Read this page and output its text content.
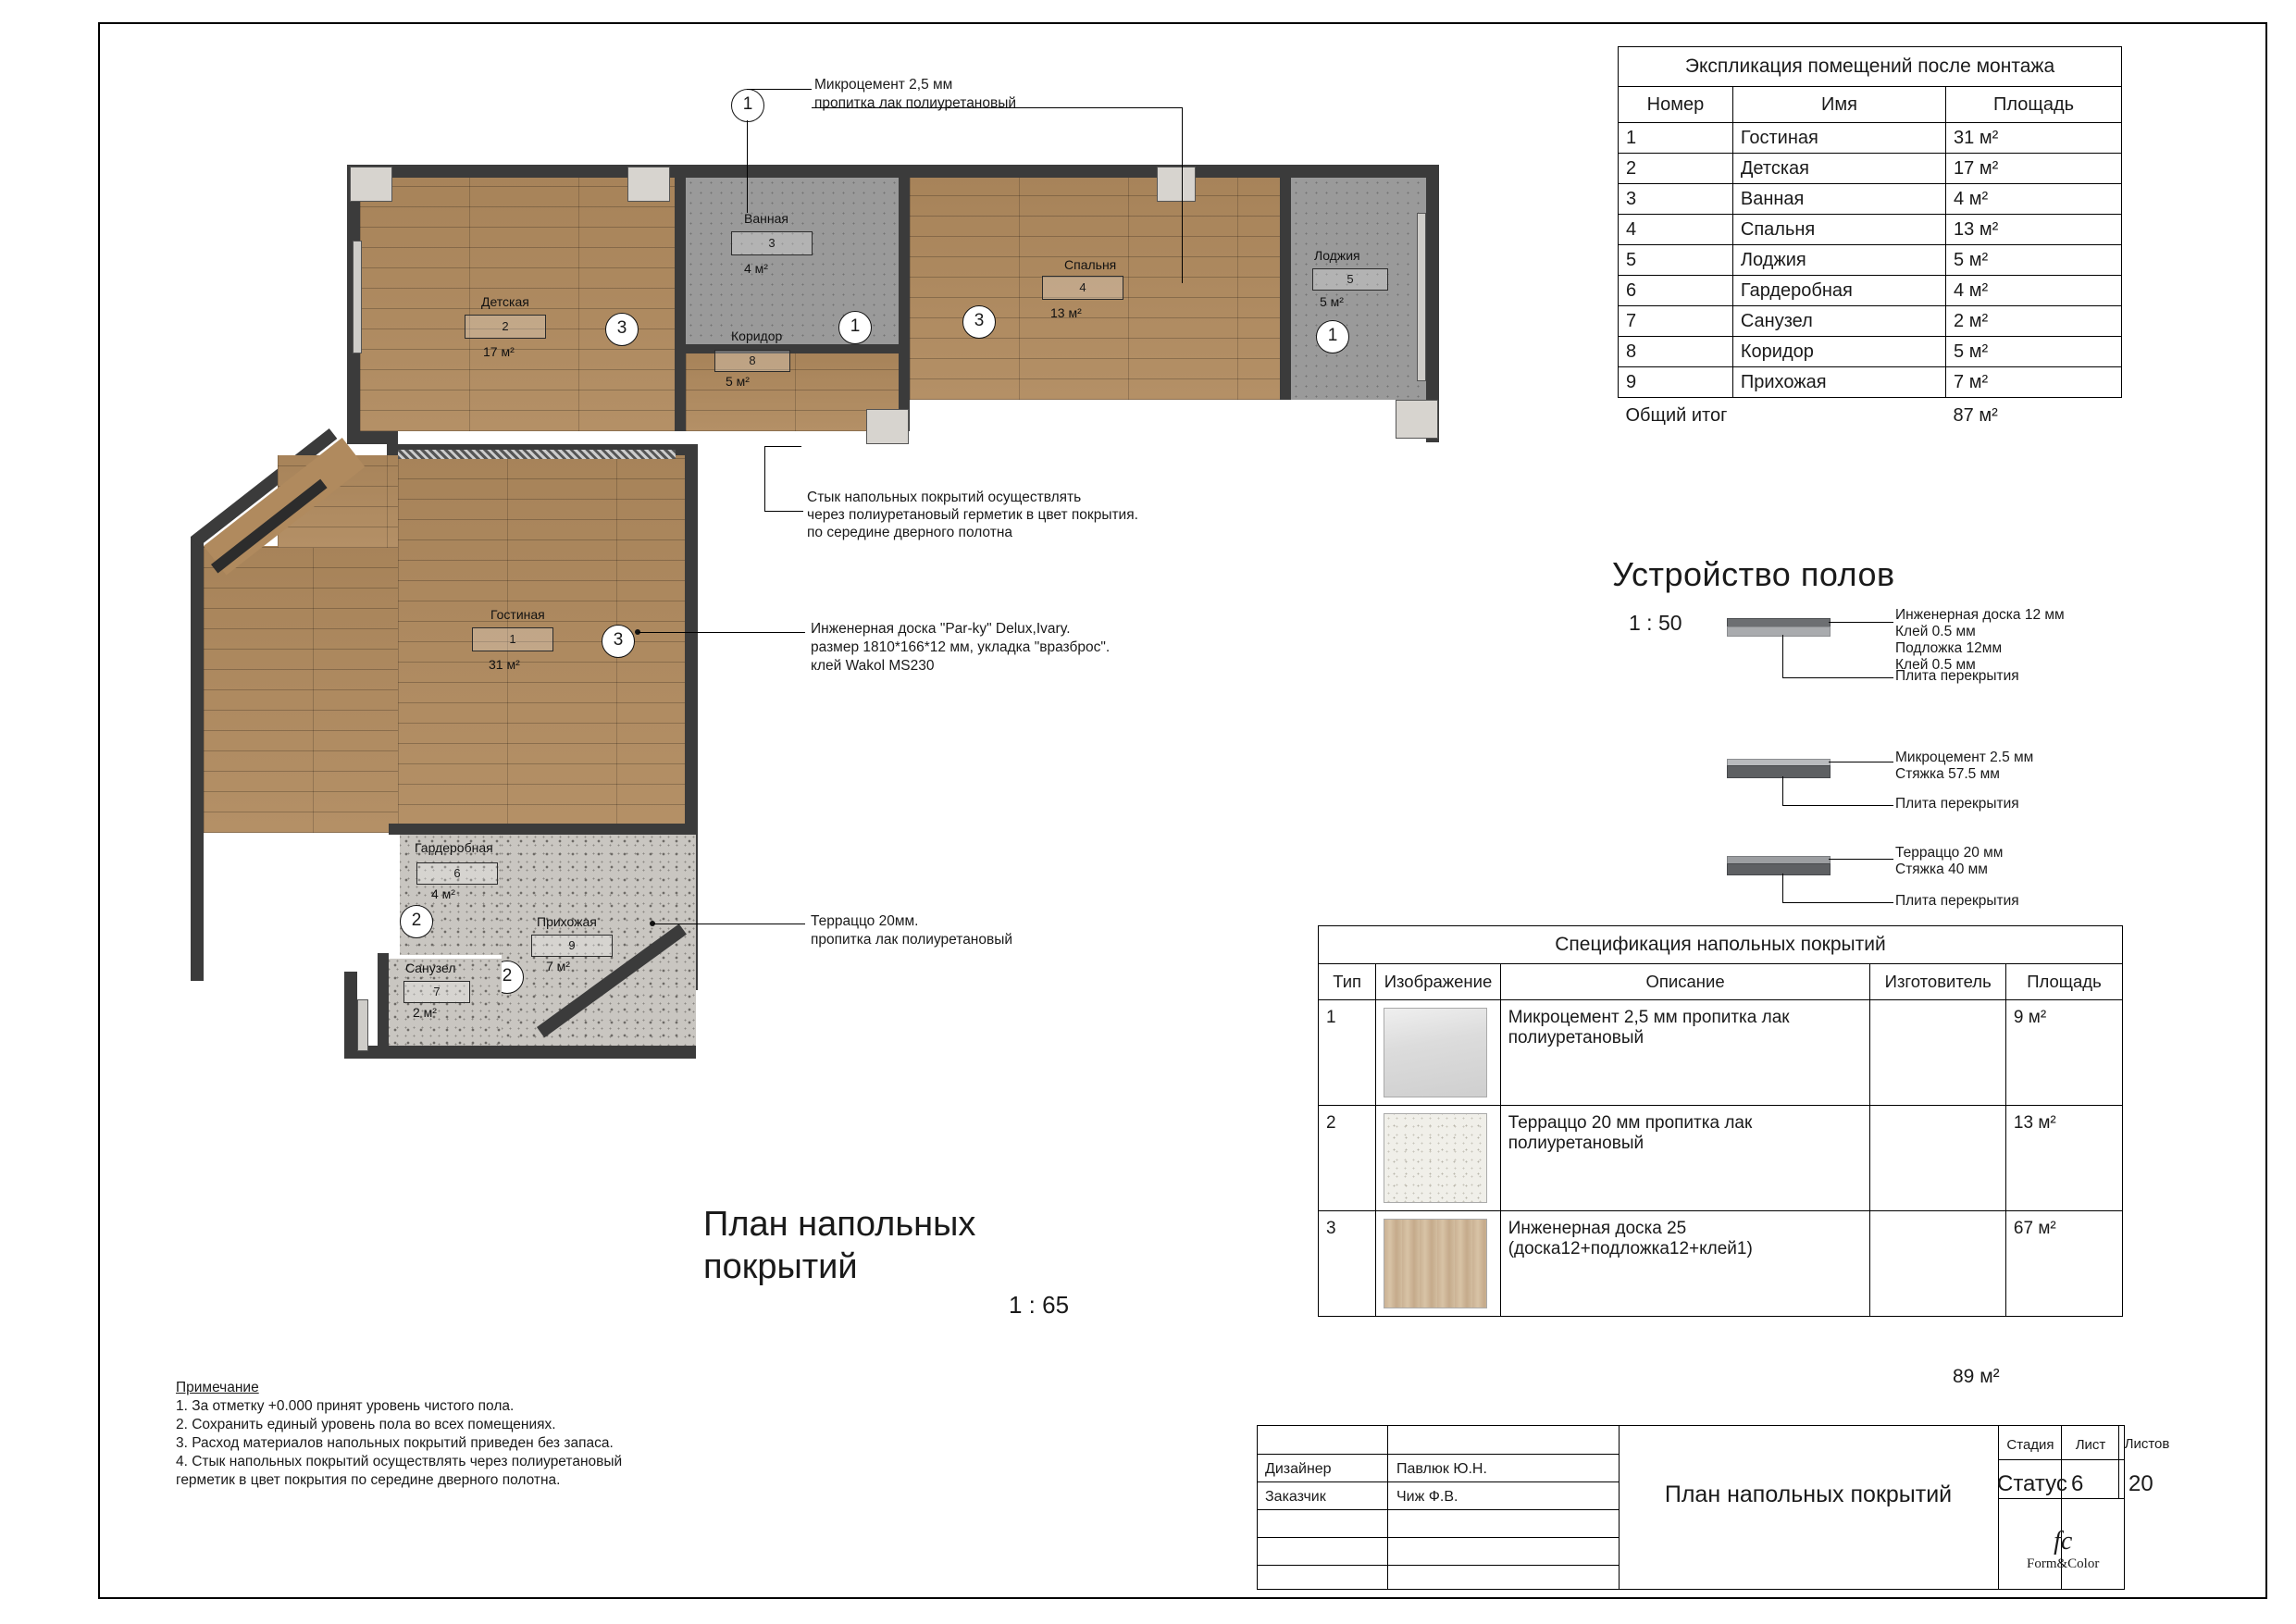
Экспликация помещений после монтажа		
Номер	Имя	Площадь
1	Гостиная	31 м²
2	Детская	17 м²
3	Ванная	4 м²
4	Спальня	13 м²
5	Лоджия	5 м²
6	Гардеробная	4 м²
7	Санузел	2 м²
8	Коридор	5 м²
9	Прихожая	7 м²
Общий итог		87 м²
Устройство полов
1 : 50	Инженерная доска 12 мм
Клей 0.5 мм
Подложка 12мм
Клей 0.5 мм
Плита перекрытия
Микроцемент 2.5 мм
Стяжка 57.5 мм
Плита перекрытия
Терраццо 20 мм
Стяжка 40 мм
Плита перекрытия
Спецификация напольных покрытий				
Тип	Изображение	Описание	Изготовитель	Площадь
1		Микроцемент 2,5 мм пропитка лак полиуретановый		9 м²
2		Терраццо 20 мм пропитка лак полиуретановый		13 м²
3		Инженерная доска 25 (доска12+подложка12+клей1)		67 м²
89 м²
Детская
2
17 м²
3
Ванная
3
4 м²
1
Коридор
8
5 м²
Спальня
4
13 м²
3
Лоджия
5
5 м²
1
Гостиная
1
31 м²
3
Гардеробная
6
4 м²
2	Прихожая
9
7 м²
2
Санузел
7
2 м²
1
Микроцемент 2,5 мм
пропитка лак полиуретановый
Стык напольных покрытий осуществлять
через полиуретановый герметик в цвет покрытия.
по середине дверного полотна
Инженерная доска "Par-ky" Delux,Ivary.
размер 1810*166*12 мм, укладка "вразброс".
клей Wakol MS230
Терраццо 20мм.
пропитка лак полиуретановый
План напольных
покрытий
1 : 65
Примечание
1. За отметку +0.000 принят уровень чистого пола.
2. Сохранить единый уровень пола во всех помещениях.
3. Расход материалов напольных покрытий приведен без запаса.
4. Стык напольных покрытий осуществлять через полиуретановый
герметик в цвет покрытия по середине дверного полотна.
Дизайнер	Павлюк Ю.Н.
Заказчик	Чиж Ф.В.	План напольных покрытий
Стадия	Лист	Листов
Статус 6 20
fc
Form&Color
